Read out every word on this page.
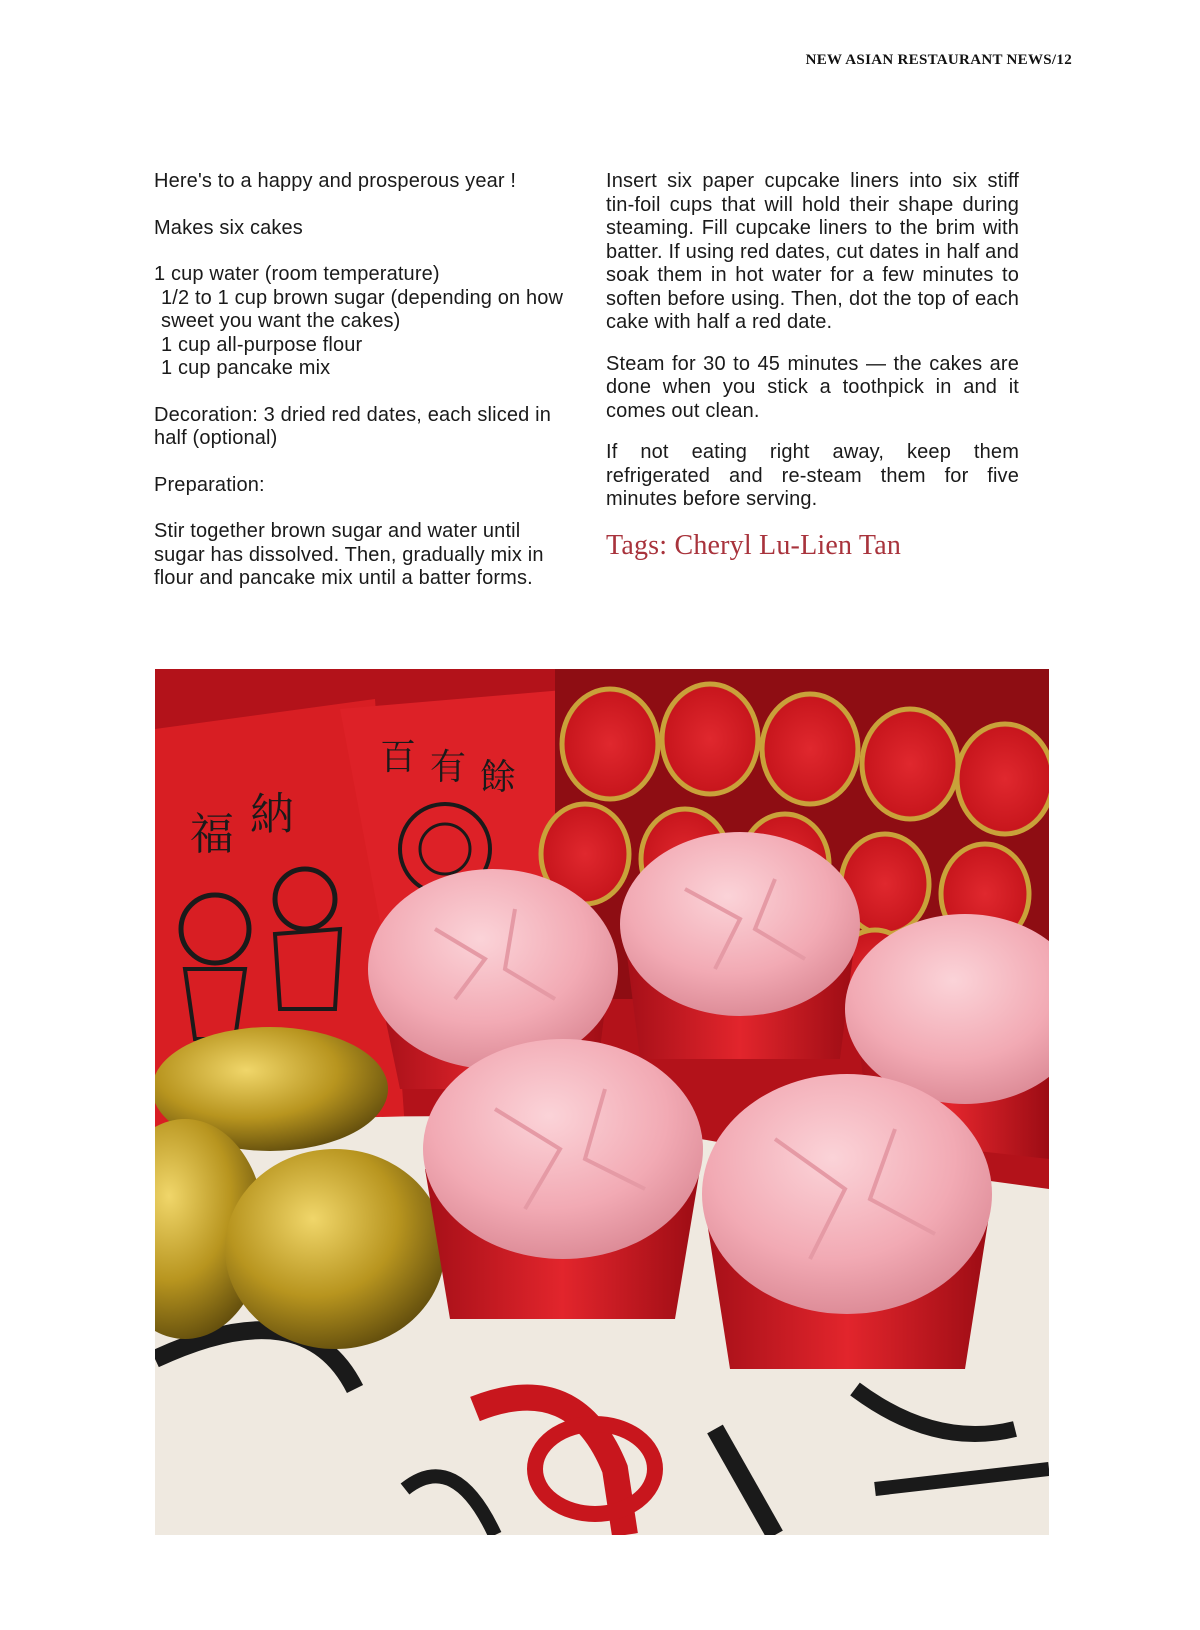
NEW ASIAN RESTAURANT NEWS/12

Here's to a happy and prosperous year !

Makes six cakes

1 cup water (room temperature)

1/2 to 1 cup brown sugar (depending on how sweet you want the cakes)

1 cup all-purpose flour

1 cup pancake mix

Decoration: 3 dried red dates, each sliced in half (optional)

Preparation:

Stir together brown sugar and water until sugar has dissolved. Then, gradually mix in flour and pancake mix until a batter forms.

Insert six paper cupcake liners into six stiff tin-foil cups that will hold their shape during steaming. Fill cupcake liners to the brim with batter. If using red dates, cut dates in half and soak them in hot water for a few minutes to soften before using. Then, dot the top of each cake with half a red date.

Steam for 30 to 45 minutes — the cakes are done when you stick a toothpick in and it comes out clean.

If not eating right away, keep them refrigerated and re-steam them for five minutes before serving.

Tags: Cheryl Lu-Lien Tan
福 納
百 有 餘
